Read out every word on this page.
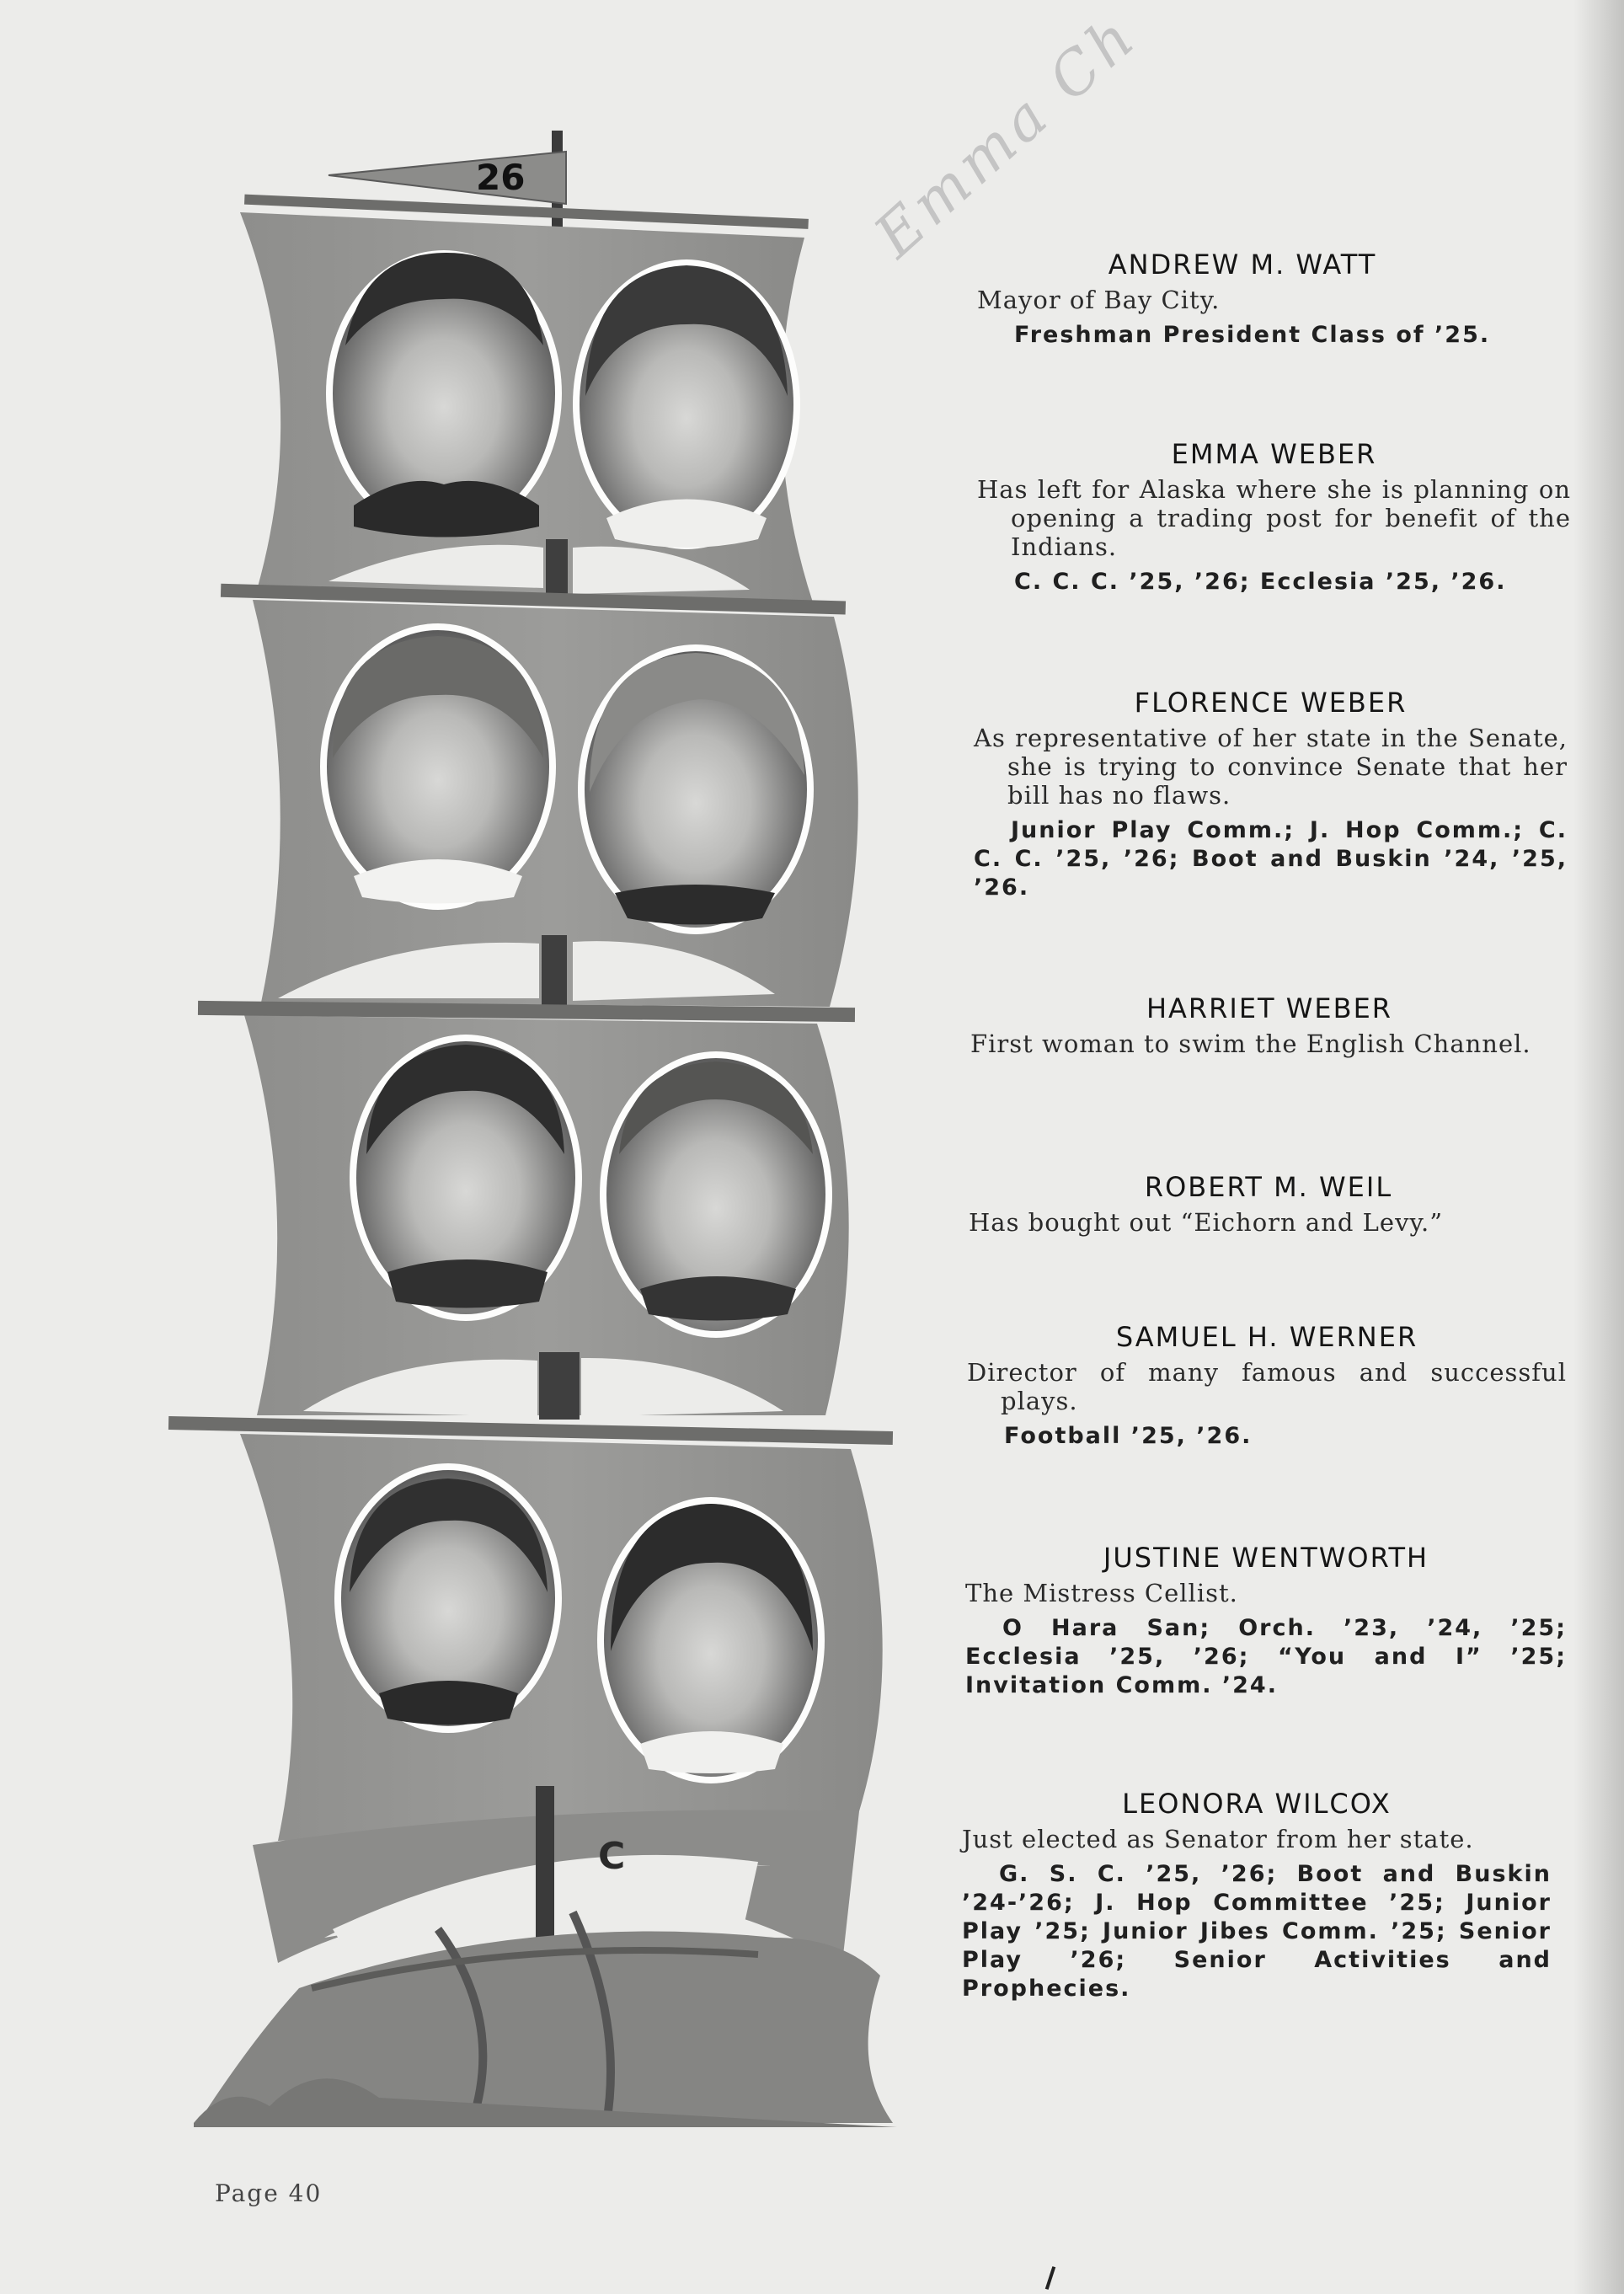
Emma Ch
26
C
ANDREW M. WATT
Mayor of Bay City.
Freshman President Class of ’25.
EMMA WEBER
Has left for Alaska where she is planning on opening a trading post for benefit of the Indians.
C. C. C. ’25, ’26; Ecclesia ’25, ’26.
FLORENCE WEBER
As representative of her state in the Senate, she is trying to convince Senate that her bill has no flaws.
Junior Play Comm.; J. Hop Comm.; C. C. C. ’25, ’26; Boot and Buskin ’24, ’25, ’26.
HARRIET WEBER
First woman to swim the English Channel.
ROBERT M. WEIL
Has bought out “Eichorn and Levy.”
SAMUEL H. WERNER
Director of many famous and successful plays.
Football ’25, ’26.
JUSTINE WENTWORTH
The Mistress Cellist.
O Hara San; Orch. ’23, ’24, ’25; Ecclesia ’25, ’26; “You and I” ’25; Invitation Comm. ’24.
LEONORA WILCOX
Just elected as Senator from her state.
G. S. C. ’25, ’26; Boot and Buskin ’24-’26; J. Hop Committee ’25; Junior Play ’25; Junior Jibes Comm. ’25; Senior Play ’26; Senior Activities and Prophecies.
Page 40
